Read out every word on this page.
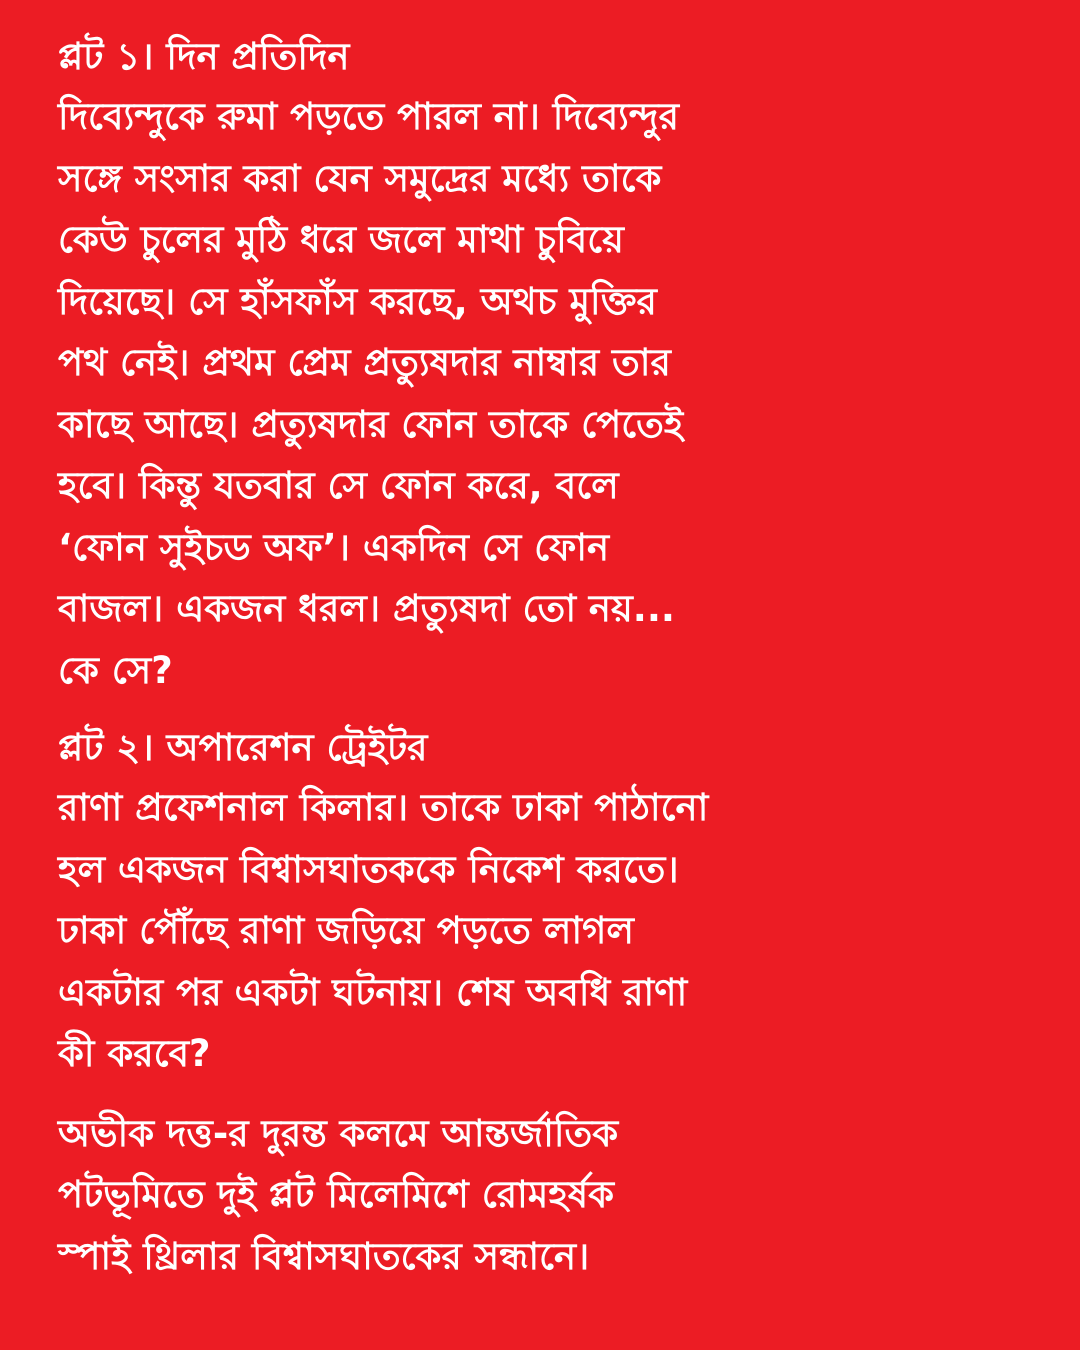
প্লট ১। দিন প্রতিদিন
দিব্যেন্দুকে রুমা পড়তে পারল না। দিব্যেন্দুর
সঙ্গে সংসার করা যেন সমুদ্রের মধ্যে তাকে
কেউ চুলের মুঠি ধরে জলে মাথা চুবিয়ে
দিয়েছে। সে হাঁসফাঁস করছে, অথচ মুক্তির
পথ নেই। প্রথম প্রেম প্রত্যুষদার নাম্বার তার
কাছে আছে। প্রত্যুষদার ফোন তাকে পেতেই
হবে। কিন্তু যতবার সে ফোন করে, বলে
‘ফোন সুইচড অফ’। একদিন সে ফোন
বাজল। একজন ধরল। প্রত্যুষদা তো নয়...
কে সে?
প্লট ২। অপারেশন ট্রেইটর
রাণা প্রফেশনাল কিলার। তাকে ঢাকা পাঠানো
হল একজন বিশ্বাসঘাতককে নিকেশ করতে।
ঢাকা পৌঁছে রাণা জড়িয়ে পড়তে লাগল
একটার পর একটা ঘটনায়। শেষ অবধি রাণা
কী করবে?
অভীক দত্ত-র দুরন্ত কলমে আন্তর্জাতিক
পটভূমিতে দুই প্লট মিলেমিশে রোমহর্ষক
স্পাই থ্রিলার বিশ্বাসঘাতকের সন্ধানে।
